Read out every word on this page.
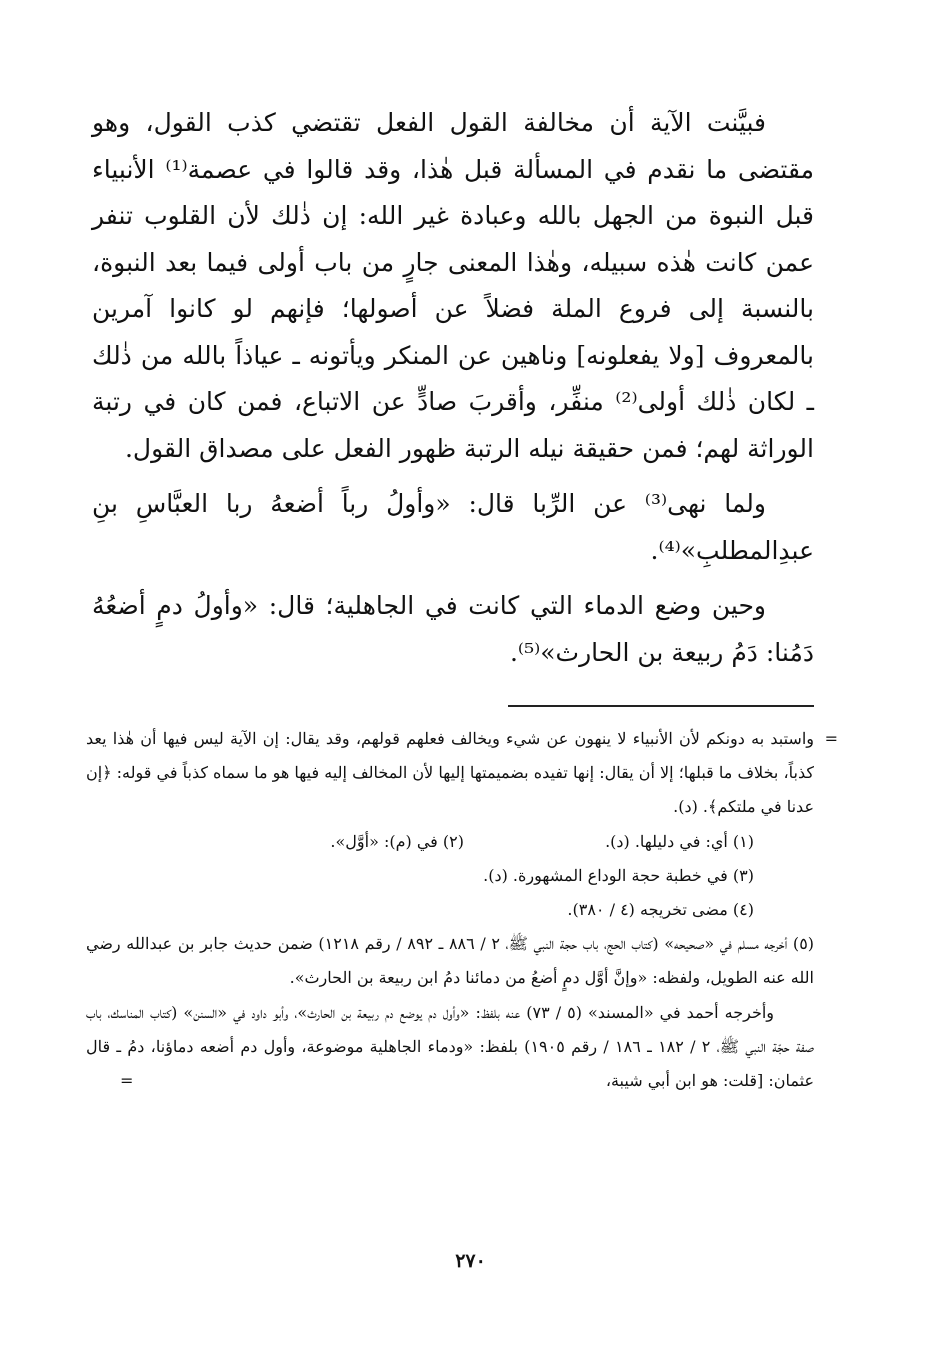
فبيَّنت الآية أن مخالفة القول الفعل تقتضي كذب القول، وهو مقتضى ما نقدم في المسألة قبل هٰذا، وقد قالوا في عصمة⁽¹⁾ الأنبياء قبل النبوة من الجهل بالله وعبادة غير الله: إن ذٰلك لأن القلوب تنفر عمن كانت هٰذه سبيله، وهٰذا المعنى جارٍ من باب أولى فيما بعد النبوة، بالنسبة إلى فروع الملة فضلاً عن أصولها؛ فإنهم لو كانوا آمرين بالمعروف [ولا يفعلونه] وناهين عن المنكر ويأتونه ـ عياذاً بالله من ذٰلك ـ لكان ذٰلك أولى⁽²⁾ منفِّر، وأقربَ صادٍّ عن الاتباع، فمن كان في رتبة الوراثة لهم؛ فمن حقيقة نيله الرتبة ظهور الفعل على مصداق القول.

ولما نهى⁽³⁾ عن الرِّبا قال: «وأولُ رباً أضعهُ ربا العبَّاسِ بنِ عبدِالمطلبِ»⁽⁴⁾.

وحين وضع الدماء التي كانت في الجاهلية؛ قال: «وأولُ دمٍ أضعُهُ دَمُنا: دَمُ ربيعة بن الحارث»⁽⁵⁾.

=
واستبد به دونكم لأن الأنبياء لا ينهون عن شيء ويخالف فعلهم قولهم، وقد يقال: إن الآية ليس فيها أن هٰذا يعد كذباً، بخلاف ما قبلها؛ إلا أن يقال: إنها تفيده بضميمتها إليها لأن المخالف إليه فيها هو ما سماه كذباً في قوله: ﴿إن عدنا في ملتكم﴾. (د).

(١) أي: في دليلها. (د).
(٢) في (م): «أوَّل».

(٣) في خطبة حجة الوداع المشهورة. (د).

(٤) مضى تخريجه (٤ / ٣٨٠).

(٥) أخرجه مسلم في «صحيحه» (كتاب الحج، باب حجة النبي ﷺ، ٢ / ٨٨٦ ـ ٨٩٢ / رقم ١٢١٨) ضمن حديث جابر بن عبدالله رضي الله عنه الطويل، ولفظه: «وإنَّ أوَّل دمٍ أضعُ من دمائنا دمُ ابن ربيعة بن الحارث».

وأخرجه أحمد في «المسند» (٥ / ٧٣) عنه بلفظ: «وأول دم يوضع دم ربيعة بن الحارث»، وأبو داود في «السنن» (كتاب المناسك، باب صفة حجّة النبي ﷺ، ٢ / ١٨٢ ـ ١٨٦ / رقم ١٩٠٥) بلفظ: «ودماء الجاهلية موضوعة، وأول دم أضعه دماؤنا، دمُ ـ قال عثمان: [قلت: هو ابن أبي شيبة،
=

٢٧٠
